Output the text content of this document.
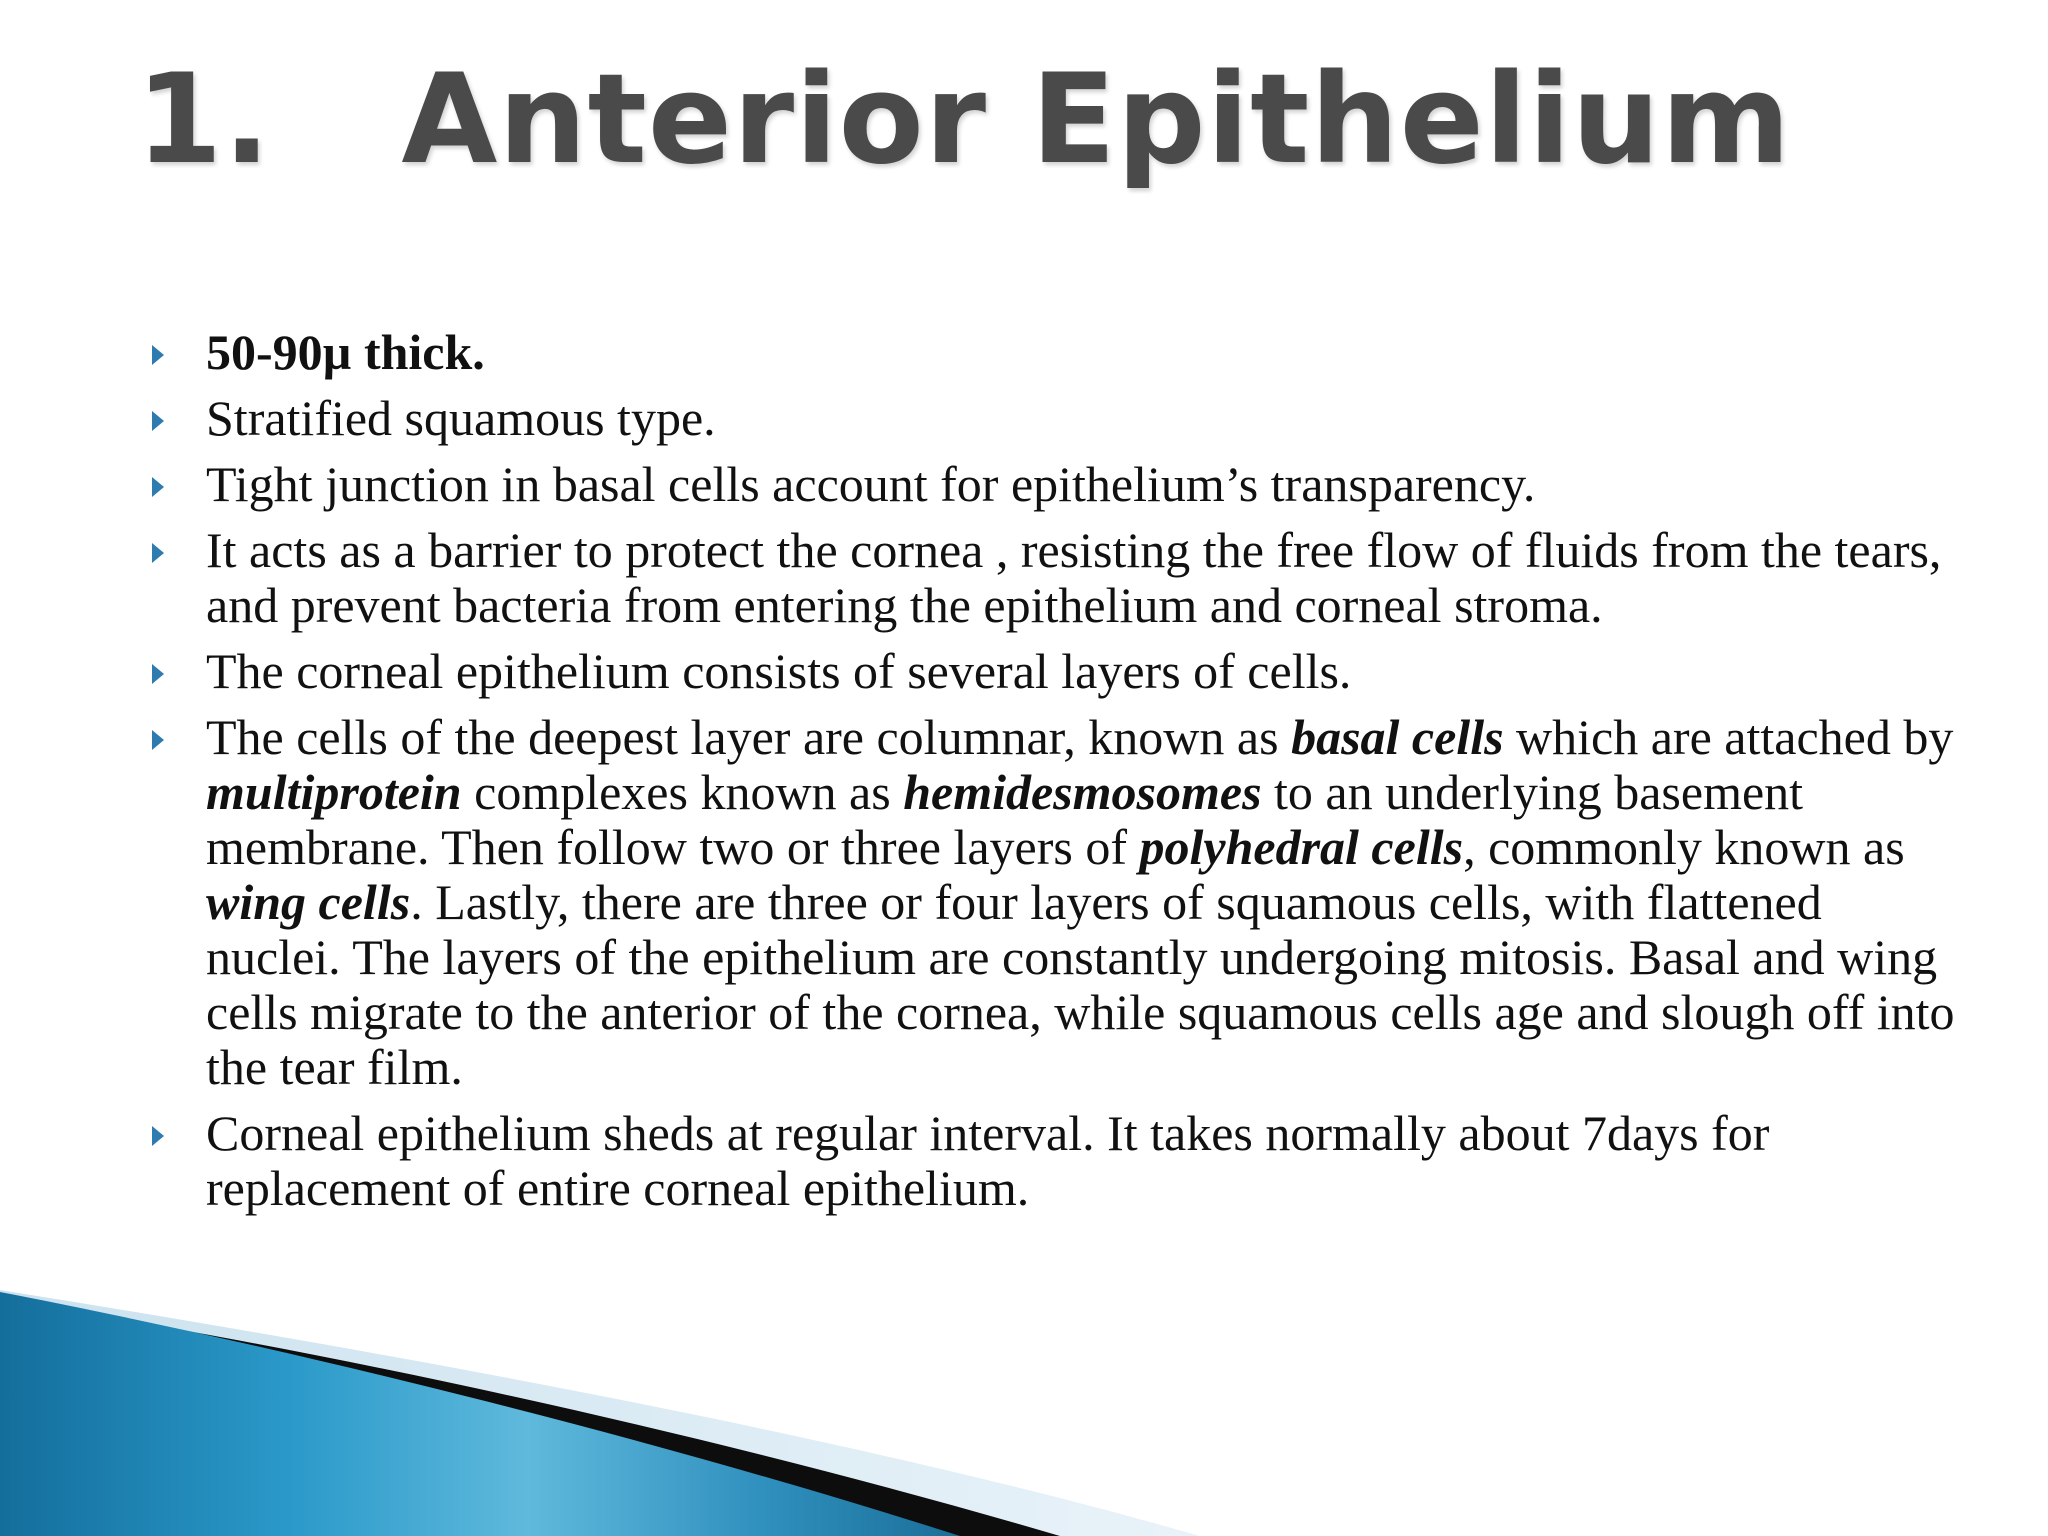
1. Anterior Epithelium
50-90µ thick.
Stratified squamous type.
Tight junction in basal cells account for epithelium’s transparency.
It acts as a barrier to protect the cornea , resisting the free flow of fluids from the tears, and prevent bacteria from entering the epithelium and corneal stroma.
The corneal epithelium consists of several layers of cells.
The cells of the deepest layer are columnar, known as basal cells which are attached by multiprotein complexes known as hemidesmosomes to an underlying basement membrane. Then follow two or three layers of polyhedral cells, commonly known as wing cells. Lastly, there are three or four layers of squamous cells, with flattened nuclei. The layers of the epithelium are constantly undergoing mitosis. Basal and wing cells migrate to the anterior of the cornea, while squamous cells age and slough off into the tear film.
Corneal epithelium sheds at regular interval. It takes normally about 7days for replacement of entire corneal epithelium.
